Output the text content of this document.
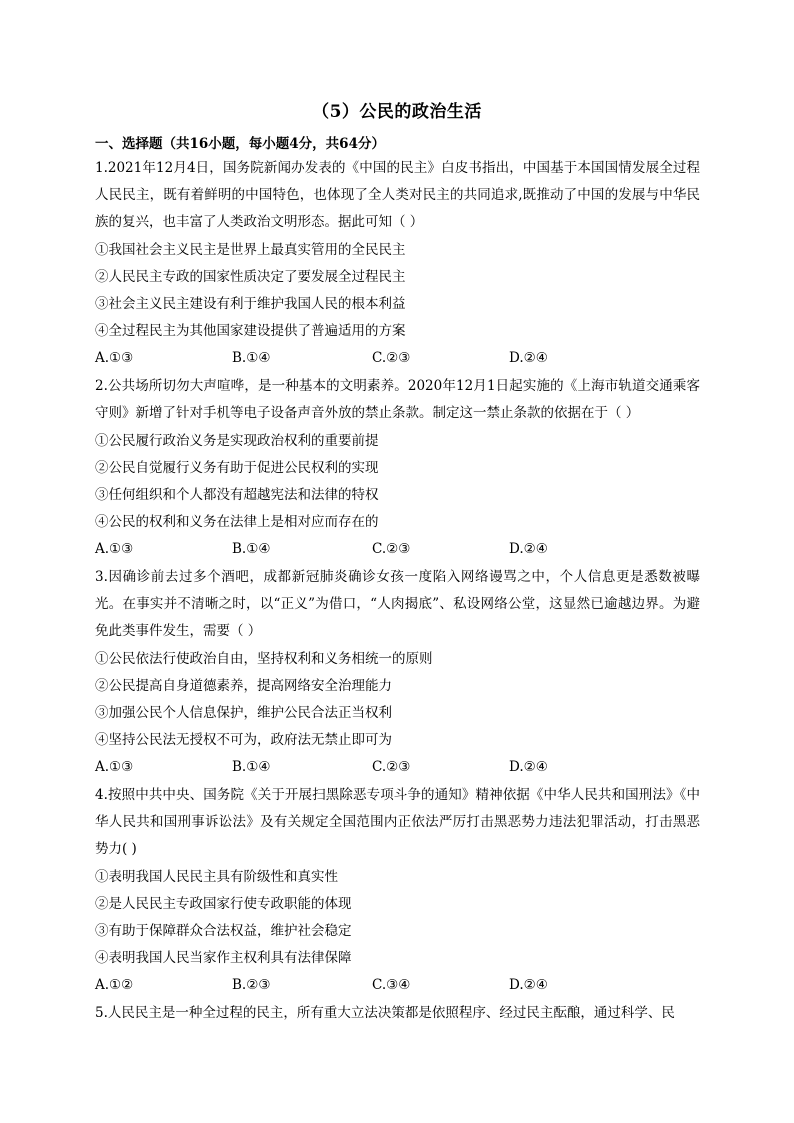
（5）公民的政治生活
一、选择题（共16小题，每小题4分，共64分）
1.2021年12月4日，国务院新闻办发表的《中国的民主》白皮书指出，中国基于本国国情发展全过程人民民主，既有着鲜明的中国特色，也体现了全人类对民主的共同追求,既推动了中国的发展与中华民族的复兴，也丰富了人类政治文明形态。据此可知（ ）
①我国社会主义民主是世界上最真实管用的全民民主
②人民民主专政的国家性质决定了要发展全过程民主
③社会主义民主建设有利于维护我国人民的根本利益
④全过程民主为其他国家建设提供了普遍适用的方案
A.①③	B.①④	C.②③	D.②④
2.公共场所切勿大声喧哗，是一种基本的文明素养。2020年12月1日起实施的《上海市轨道交通乘客守则》新增了针对手机等电子设备声音外放的禁止条款。制定这一禁止条款的依据在于（ ）
①公民履行政治义务是实现政治权利的重要前提
②公民自觉履行义务有助于促进公民权利的实现
③任何组织和个人都没有超越宪法和法律的特权
④公民的权利和义务在法律上是相对应而存在的
A.①③	B.①④	C.②③	D.②④
3.因确诊前去过多个酒吧，成都新冠肺炎确诊女孩一度陷入网络谩骂之中，个人信息更是悉数被曝光。在事实并不清晰之时，以“正义”为借口，“人肉揭底”、私设网络公堂，这显然已逾越边界。为避免此类事件发生，需要（ ）
①公民依法行使政治自由，坚持权利和义务相统一的原则
②公民提高自身道德素养，提高网络安全治理能力
③加强公民个人信息保护，维护公民合法正当权利
④坚持公民法无授权不可为，政府法无禁止即可为
A.①③	B.①④	C.②③	D.②④
4.按照中共中央、国务院《关于开展扫黑除恶专项斗争的通知》精神依据《中华人民共和国刑法》《中华人民共和国刑事诉讼法》及有关规定全国范围内正依法严厉打击黑恶势力违法犯罪活动，打击黑恶势力( )
①表明我国人民民主具有阶级性和真实性
②是人民民主专政国家行使专政职能的体现
③有助于保障群众合法权益，维护社会稳定
④表明我国人民当家作主权利具有法律保障
A.①②	B.②③	C.③④	D.②④
5.人民民主是一种全过程的民主，所有重大立法决策都是依照程序、经过民主酝酿，通过科学、民
